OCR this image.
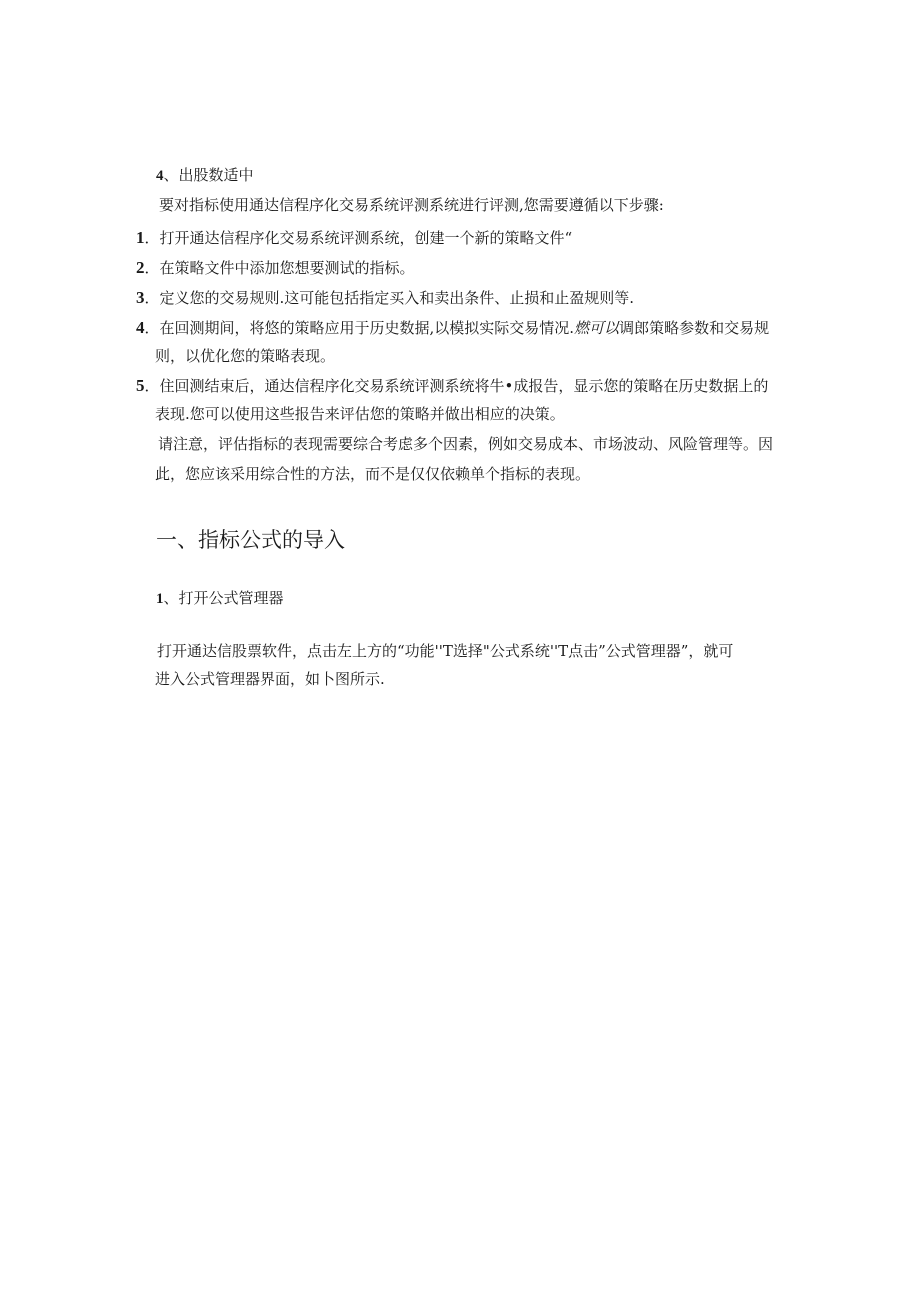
4、出股数适中
要对指标使用通达信程序化交易系统评测系统进行评测,您需要遵循以下步骤:
1．打开通达信程序化交易系统评测系统，创建一个新的策略文件“
2．在策略文件中添加您想要测试的指标。
3．定义您的交易规则.这可能包括指定买入和卖出条件、止损和止盈规则等.
4．在回测期间，将悠的策略应用于历史数据,以模拟实际交易情况.燃可以调郎策略参数和交易规
则，以优化您的策略表现。
5．住回测结束后，通达信程序化交易系统评测系统将牛•成报告，显示您的策略在历史数据上的
表现.您可以使用这些报告来评估您的策略并做出相应的决策。
请注意，评估指标的表现需要综合考虑多个因素，例如交易成本、市场波动、风险管理等。因
此，您应该采用综合性的方法，而不是仅仅依赖单个指标的表现。
一、指标公式的导入
1、打开公式管理器
打开通达信股票软件，点击左上方的“功能''T选择"公式系统''T点击”公式管理器”，就可
进入公式管理器界面，如卜图所示.
